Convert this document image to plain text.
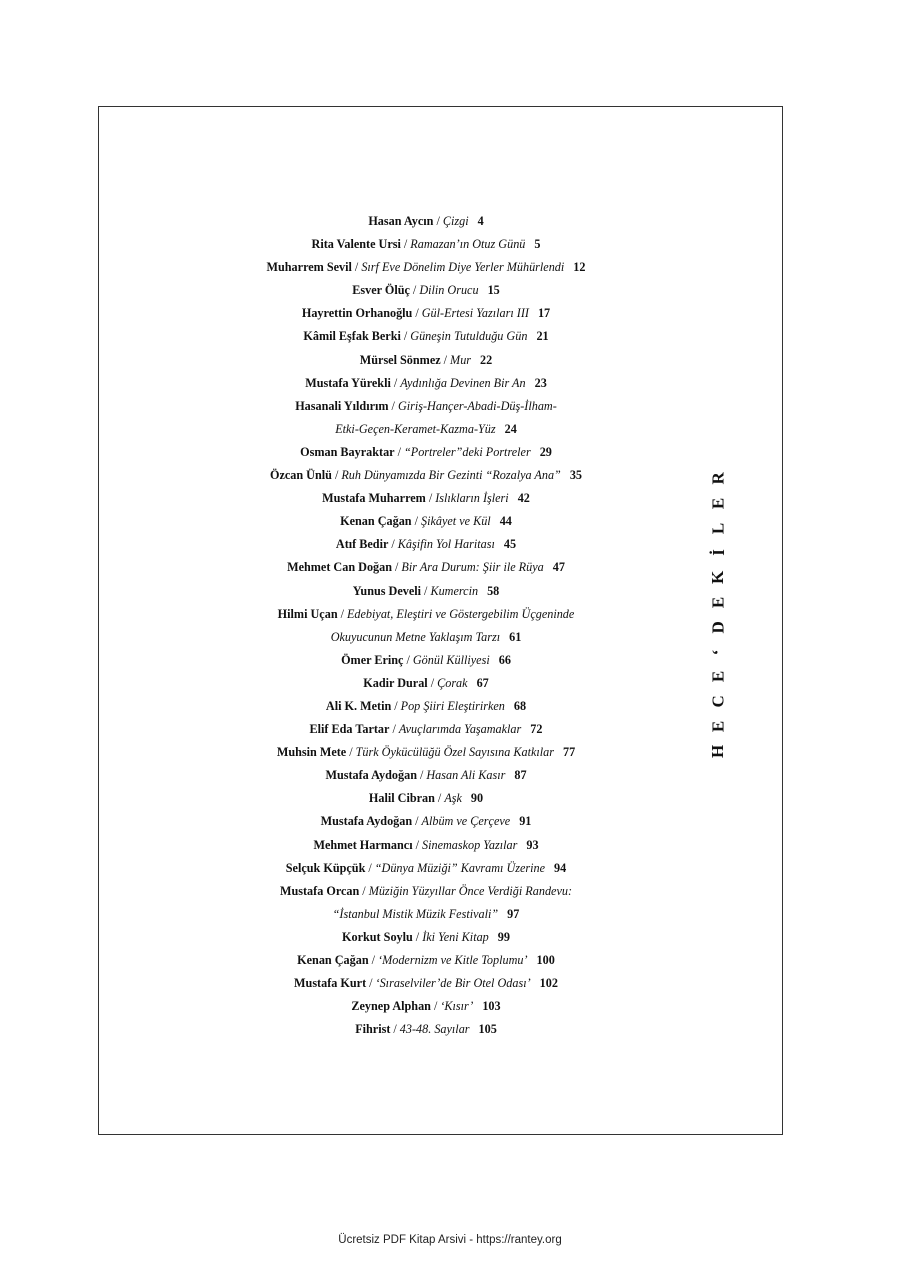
Hasan Aycın / Çizgi 4
Rita Valente Ursi / Ramazan’ın Otuz Günü 5
Muharrem Sevil / Sırf Eve Dönelim Diye Yerler Mühürlendi 12
Esver Ölüç / Dilin Orucu 15
Hayrettin Orhanoğlu / Gül-Ertesi Yazıları III 17
Kâmil Eşfak Berki / Güneşin Tutulduğu Gün 21
Mürsel Sönmez / Mur 22
Mustafa Yürekli / Aydınlığa Devinen Bir An 23
Hasanali Yıldırım / Giriş-Hançer-Abadi-Düş-İlham-
Etki-Geçen-Keramet-Kazma-Yüz 24
Osman Bayraktar / “Portreler”deki Portreler 29
Özcan Ünlü / Ruh Dünyamızda Bir Gezinti “Rozalya Ana” 35
Mustafa Muharrem / Islıkların İşleri 42
Kenan Çağan / Şikâyet ve Kül 44
Atıf Bedir / Kâşifin Yol Haritası 45
Mehmet Can Doğan / Bir Ara Durum: Şiir ile Rüya 47
Yunus Develi / Kumercin 58
Hilmi Uçan / Edebiyat, Eleştiri ve Göstergebilim Üçgeninde
Okuyucunun Metne Yaklaşım Tarzı 61
Ömer Erinç / Gönül Külliyesi 66
Kadir Dural / Çorak 67
Ali K. Metin / Pop Şiiri Eleştirirken 68
Elif Eda Tartar / Avuçlarımda Yaşamaklar 72
Muhsin Mete / Türk Öykücülüğü Özel Sayısına Katkılar 77
Mustafa Aydoğan / Hasan Ali Kasır 87
Halil Cibran / Aşk 90
Mustafa Aydoğan / Albüm ve Çerçeve 91
Mehmet Harmancı / Sinemaskop Yazılar 93
Selçuk Küpçük / “Dünya Müziği” Kavramı Üzerine 94
Mustafa Orcan / Müziğin Yüzyıllar Önce Verdiği Randevu:
“İstanbul Mistik Müzik Festivali” 97
Korkut Soylu / İki Yeni Kitap 99
Kenan Çağan / ‘Modernizm ve Kitle Toplumu’ 100
Mustafa Kurt / ‘Sıraselviler’de Bir Otel Odası’ 102
Zeynep Alphan / ‘Kısır’ 103
Fihrist / 43-48. Sayılar 105
H
E
C
E
‘
D
E
K
İ
L
E
R
Ücretsiz PDF Kitap Arsivi - https://rantey.org
